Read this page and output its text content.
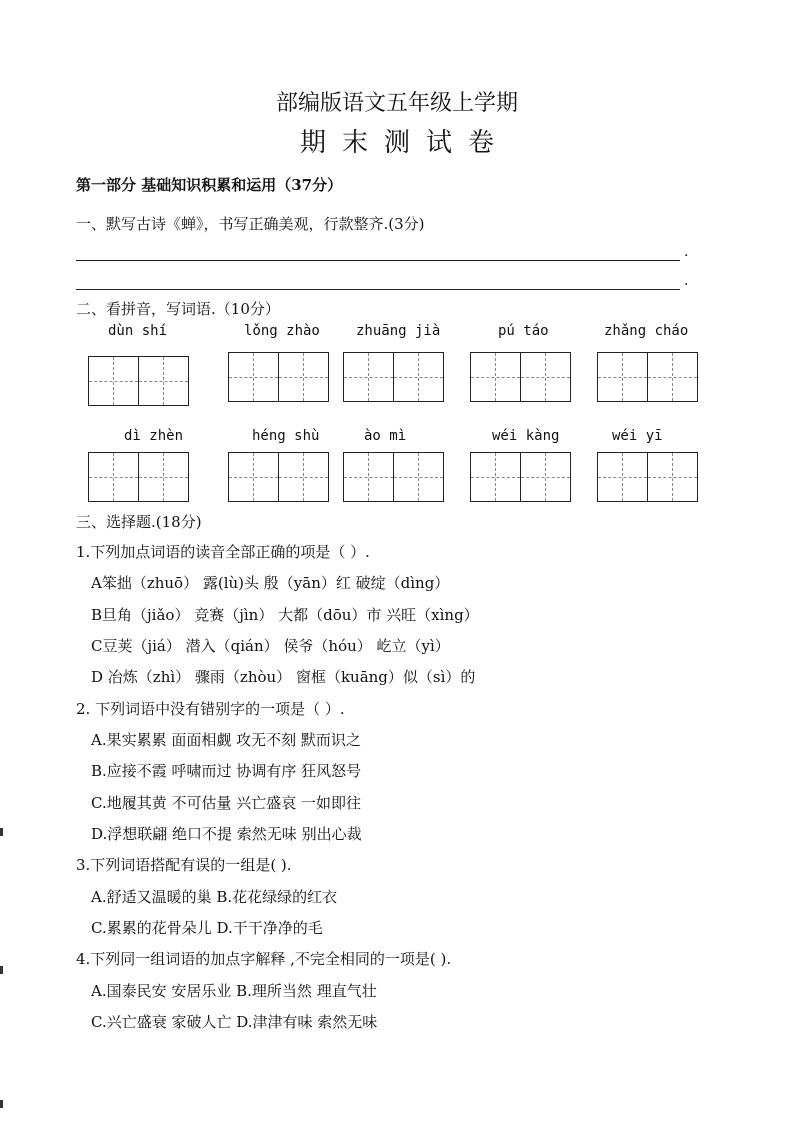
部编版语文五年级上学期
期末测试卷
第一部分 基础知识积累和运用（37分）
一、默写古诗《蝉》，书写正确美观，行款整齐.(3分)
.
.
二、看拼音，写词语.（10分）
dùn shí	lǒng zhào	zhuāng jià	pú táo	zhǎng cháo
dì zhèn	héng shù	ào mì	wéi kàng	wéi yī
三、选择题.(18分)
1.下列加点词语的读音全部正确的项是（ ）.
A笨拙（zhuō） 露(lù)头 殷（yān）红 破绽（dìng）
B旦角（jiǎo） 竞赛（jìn） 大都（dōu）市 兴旺（xìng）
C豆荚（jiá） 潜入（qián） 侯爷（hóu） 屹立（yì）
D 冶炼（zhì） 骤雨（zhòu） 窗框（kuāng）似（sì）的
2. 下列词语中没有错别字的一项是（ ）.
A.果实累累 面面相觑 攻无不刻 默而识之
B.应接不霞 呼啸而过 协调有序 狂风怒号
C.地履其黄 不可估量 兴亡盛哀 一如即往
D.浮想联翩 绝口不提 索然无味 别出心裁
3.下列词语搭配有误的一组是( ).
A.舒适又温暖的巢 B.花花绿绿的红衣
C.累累的花骨朵儿 D.干干净净的毛
4.下列同一组词语的加点字解释 ,不完全相同的一项是( ).
A.国泰民安 安居乐业 B.理所当然 理直气壮
C.兴亡盛衰 家破人亡 D.津津有味 索然无味
